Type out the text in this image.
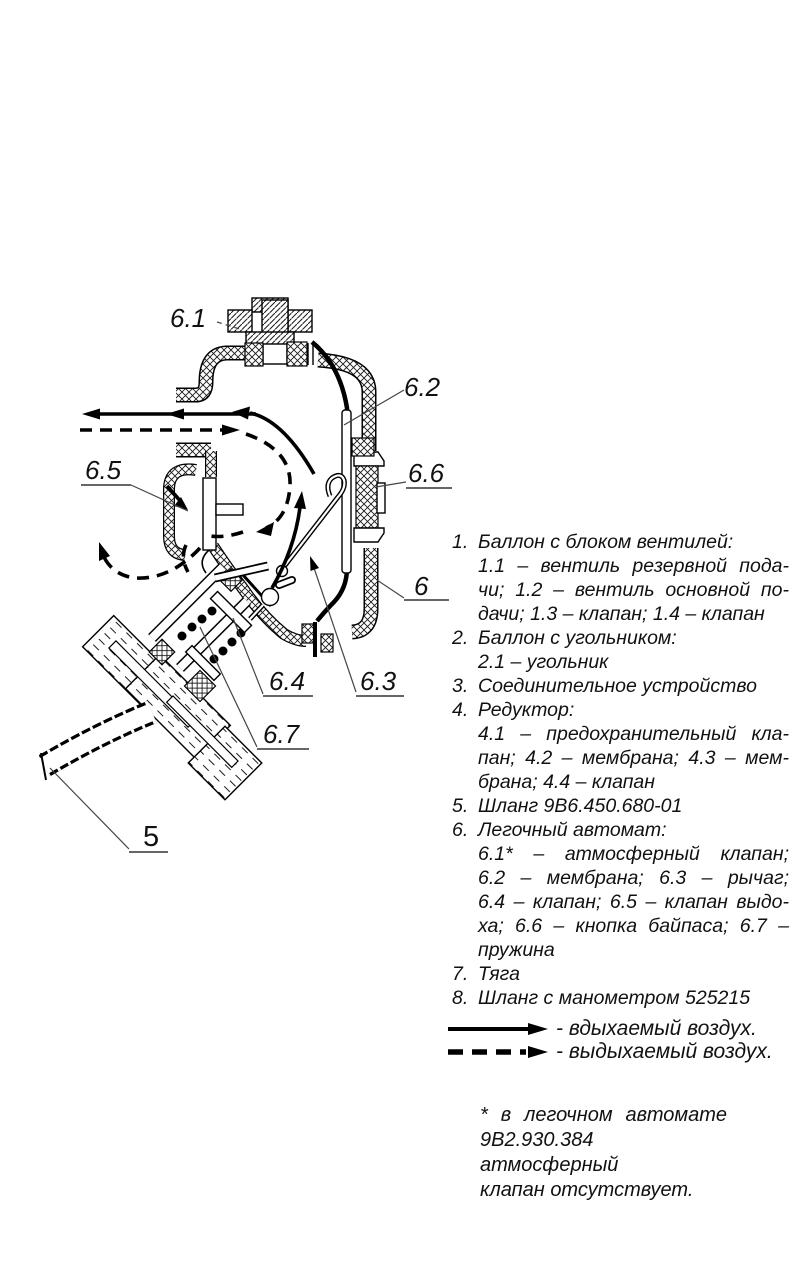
6.1
6.2
6.5	6.6
6
6.4 6.3
6.7
5
1. Баллон с блоком вентилей:
1.1 – вентиль резервной пода-
чи; 1.2 – вентиль основной по-
дачи; 1.3 – клапан; 1.4 – клапан
2. Баллон с угольником:
2.1 – угольник
3. Соединительное устройство
4. Редуктор:
4.1 – предохранительный кла-
пан; 4.2 – мембрана; 4.3 – мем-
брана; 4.4 – клапан
5. Шланг 9В6.450.680-01
6. Легочный автомат:
6.1* – атмосферный клапан;
6.2 – мембрана; 6.3 – рычаг;
6.4 – клапан; 6.5 – клапан выдо-
ха; 6.6 – кнопка байпаса; 6.7 –
пружина
7. Тяга
8. Шланг с манометром 525215
- вдыхаемый воздух.
- выдыхаемый воздух.
* в легочном автомате
9В2.930.384 атмосферный
клапан отсутствует.
